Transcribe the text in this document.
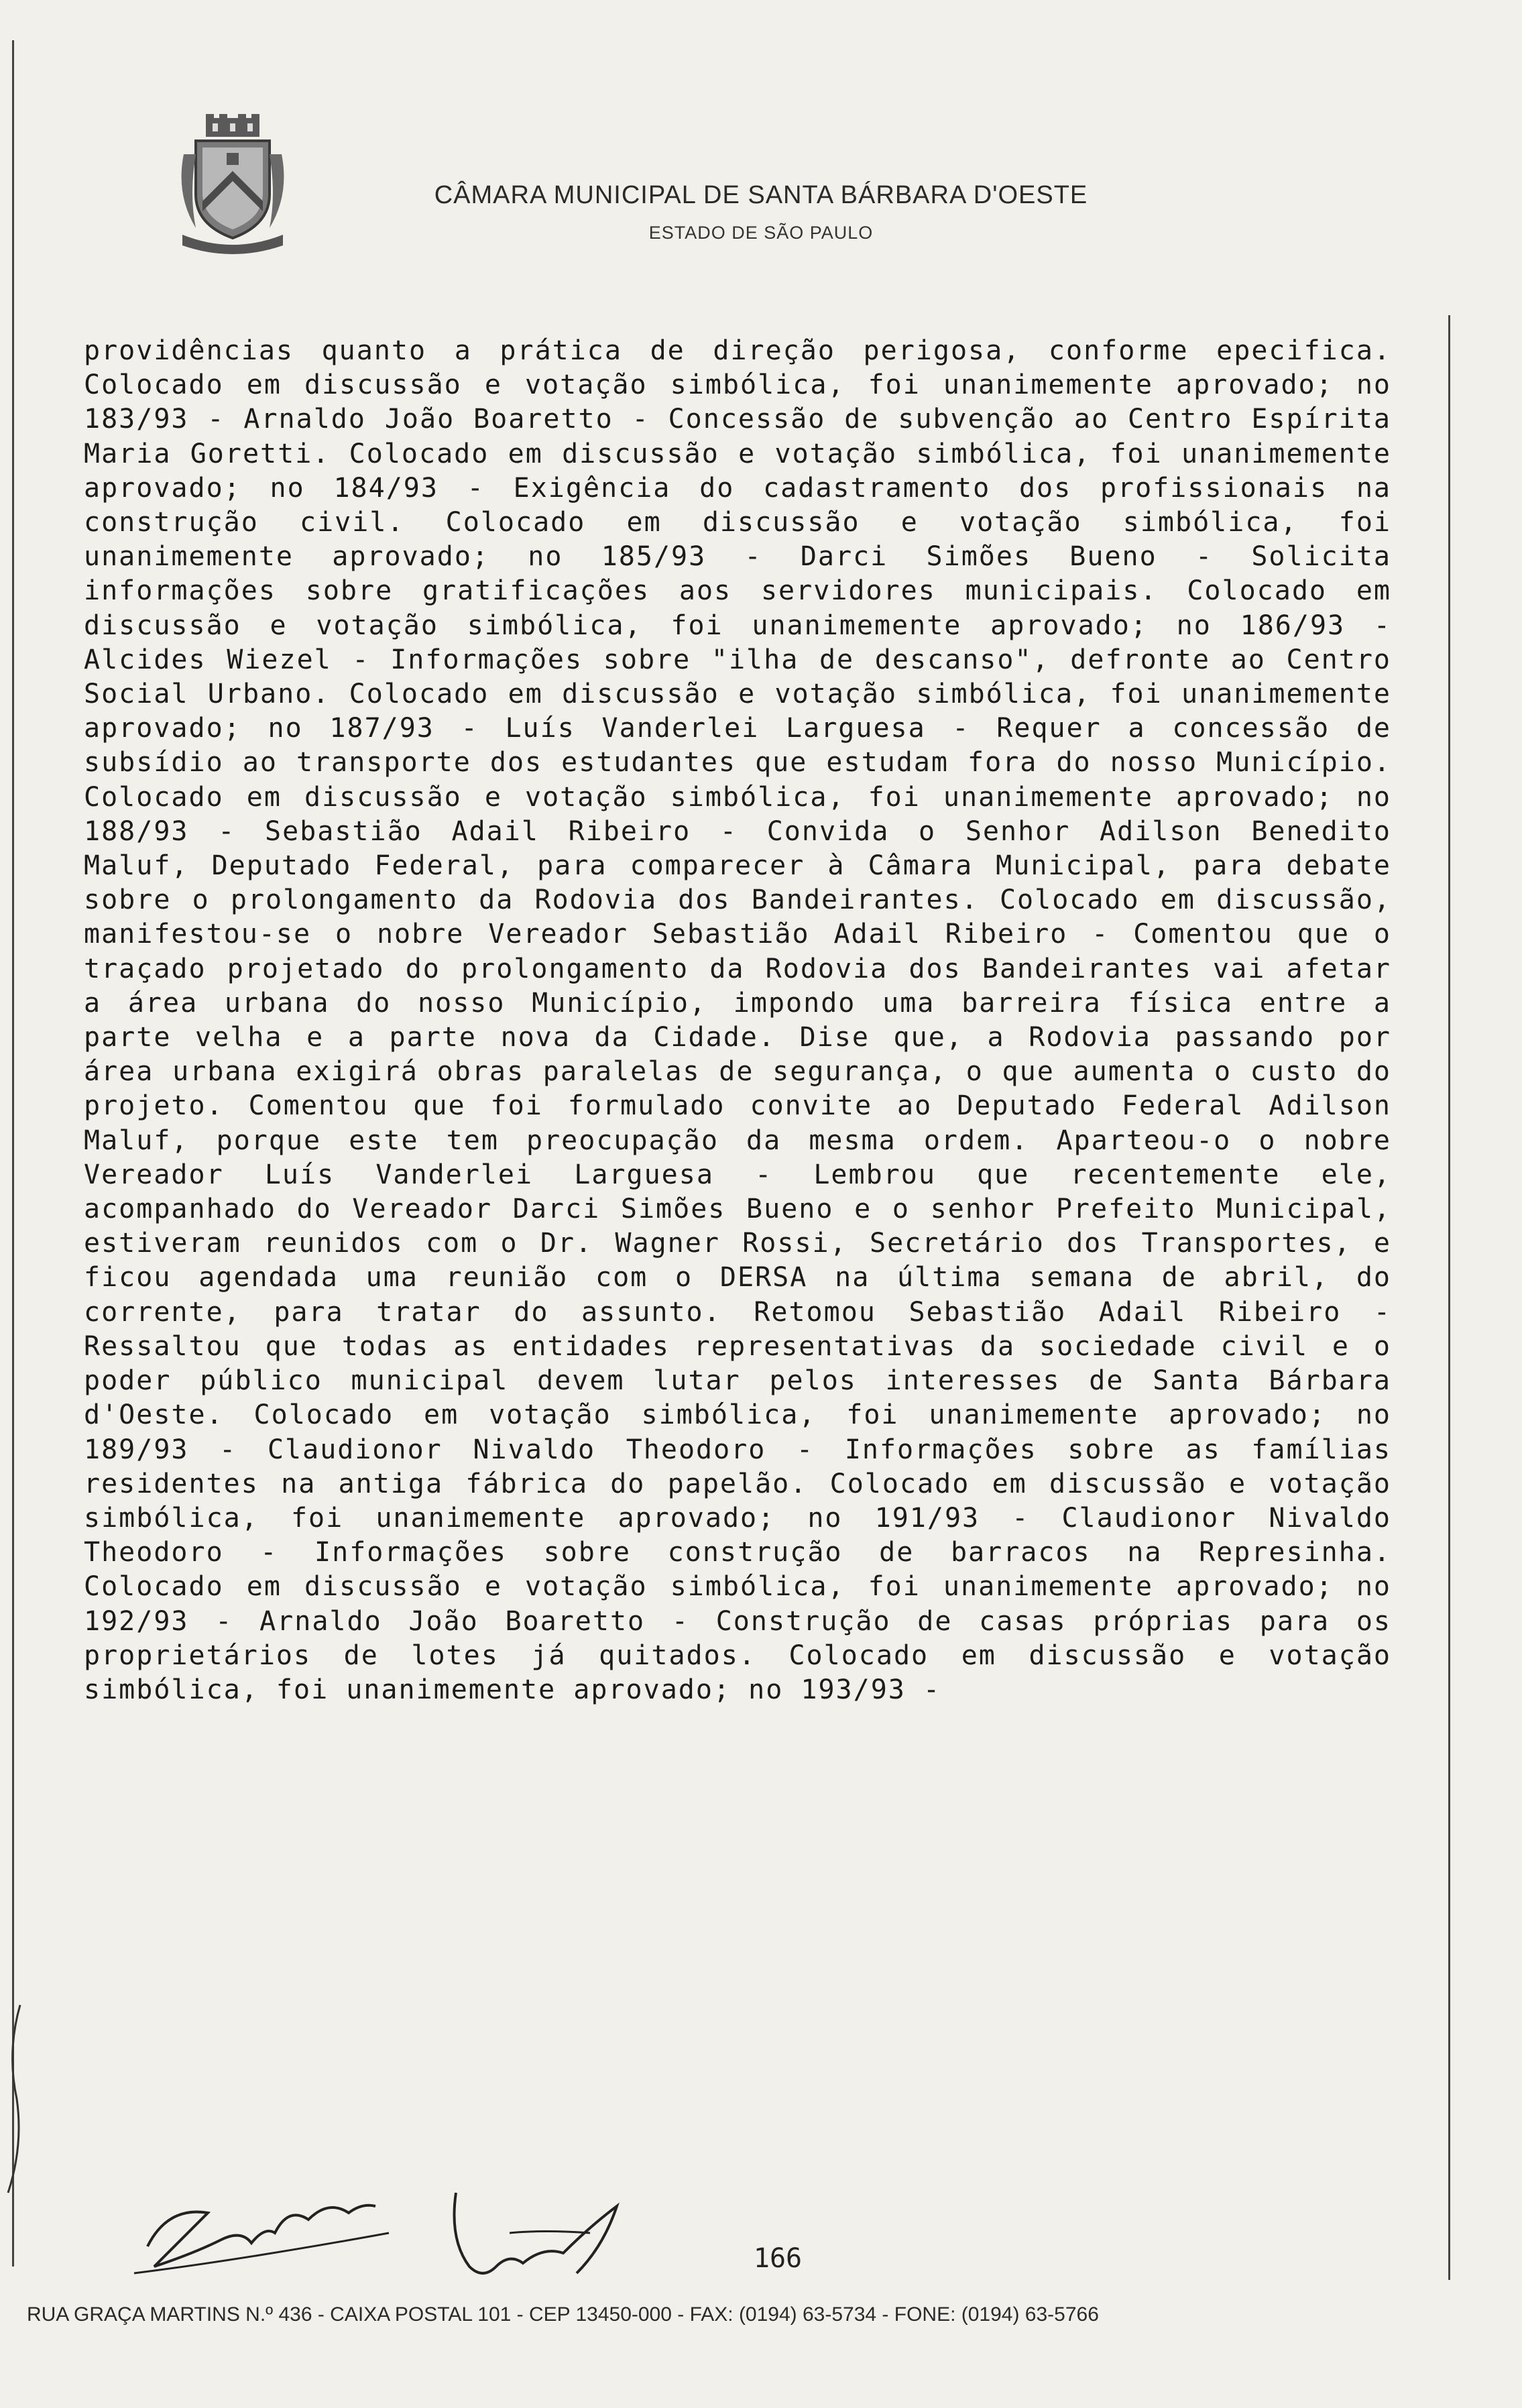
CÂMARA MUNICIPAL DE SANTA BÁRBARA D'OESTE
ESTADO DE SÃO PAULO
providências quanto a prática de direção perigosa, conforme epecifica. Colocado em discussão e votação simbólica, foi unanimemente aprovado; no 183/93 - Arnaldo João Boaretto - Concessão de subvenção ao Centro Espírita Maria Goretti. Colocado em discussão e votação simbólica, foi unanimemente aprovado; no 184/93 - Exigência do cadastramento dos profissionais na construção civil. Colocado em discussão e votação simbólica, foi unanimemente aprovado; no 185/93 - Darci Simões Bueno - Solicita informações sobre gratificações aos servidores municipais. Colocado em discussão e votação simbólica, foi unanimemente aprovado; no 186/93 - Alcides Wiezel - Informações sobre "ilha de descanso", defronte ao Centro Social Urbano. Colocado em discussão e votação simbólica, foi unanimemente aprovado; no 187/93 - Luís Vanderlei Larguesa - Requer a concessão de subsídio ao transporte dos estudantes que estudam fora do nosso Município. Colocado em discussão e votação simbólica, foi unanimemente aprovado; no 188/93 - Sebastião Adail Ribeiro - Convida o Senhor Adilson Benedito Maluf, Deputado Federal, para comparecer à Câmara Municipal, para debate sobre o prolongamento da Rodovia dos Bandeirantes. Colocado em discussão, manifestou-se o nobre Vereador Sebastião Adail Ribeiro - Comentou que o traçado projetado do prolongamento da Rodovia dos Bandeirantes vai afetar a área urbana do nosso Município, impondo uma barreira física entre a parte velha e a parte nova da Cidade. Dise que, a Rodovia passando por área urbana exigirá obras paralelas de segurança, o que aumenta o custo do projeto. Comentou que foi formulado convite ao Deputado Federal Adilson Maluf, porque este tem preocupação da mesma ordem. Aparteou-o o nobre Vereador Luís Vanderlei Larguesa - Lembrou que recentemente ele, acompanhado do Vereador Darci Simões Bueno e o senhor Prefeito Municipal, estiveram reunidos com o Dr. Wagner Rossi, Secretário dos Transportes, e ficou agendada uma reunião com o DERSA na última semana de abril, do corrente, para tratar do assunto. Retomou Sebastião Adail Ribeiro - Ressaltou que todas as entidades representativas da sociedade civil e o poder público municipal devem lutar pelos interesses de Santa Bárbara d'Oeste. Colocado em votação simbólica, foi unanimemente aprovado; no 189/93 - Claudionor Nivaldo Theodoro - Informações sobre as famílias residentes na antiga fábrica do papelão. Colocado em discussão e votação simbólica, foi unanimemente aprovado; no 191/93 - Claudionor Nivaldo Theodoro - Informações sobre construção de barracos na Represinha. Colocado em discussão e votação simbólica, foi unanimemente aprovado; no 192/93 - Arnaldo João Boaretto - Construção de casas próprias para os proprietários de lotes já quitados. Colocado em discussão e votação simbólica, foi unanimemente aprovado; no 193/93 -
166
RUA GRAÇA MARTINS N.º 436 - CAIXA POSTAL 101 - CEP 13450-000 - FAX: (0194) 63-5734 - FONE: (0194) 63-5766
